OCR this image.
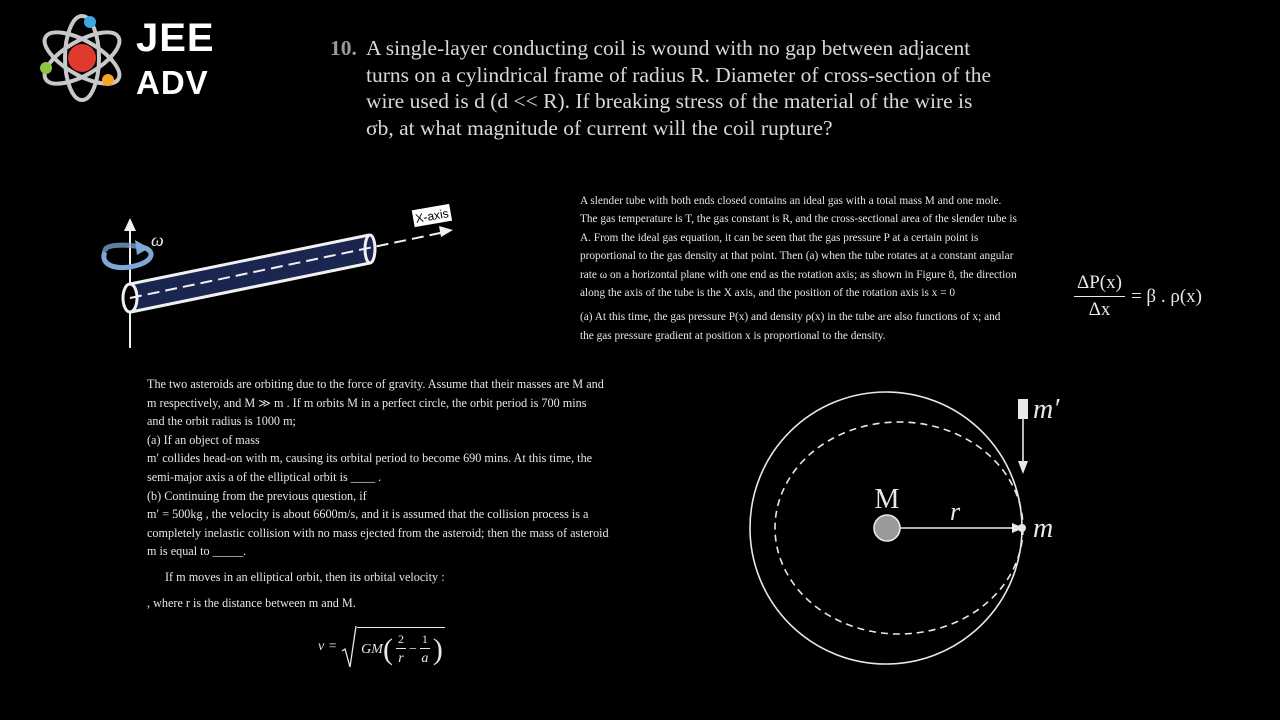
JEE
ADV
10. A single-layer conducting coil is wound with no gap between adjacent

turns on a cylindrical frame of radius R. Diameter of cross-section of the

wire used is d (d << R). If breaking stress of the material of the wire is

σb, at what magnitude of current will the coil rupture?

ω
X-axis

A slender tube with both ends closed contains an ideal gas with a total mass M and one mole.

The gas temperature is T, the gas constant is R, and the cross-sectional area of the slender tube is

A. From the ideal gas equation, it can be seen that the gas pressure P at a certain point is

proportional to the gas density at that point. Then (a) when the tube rotates at a constant angular

rate ω on a horizontal plane with one end as the rotation axis; as shown in Figure 8, the direction

along the axis of the tube is the X axis, and the position of the rotation axis is x = 0

(a) At this time, the gas pressure P(x) and density ρ(x) in the tube are also functions of x; and

the gas pressure gradient at position x is proportional to the density.

$\frac{\Delta P(x)}{\Delta x} = \beta$ . ρ(x)

The two asteroids are orbiting due to the force of gravity. Assume that their masses are M and

m respectively, and M ≫ m . If m orbits M in a perfect circle, the orbit period is 700 mins

and the orbit radius is 1000 m;

(a) If an object of mass

m′ collides head-on with m, causing its orbital period to become 690 mins. At this time, the

semi-major axis a of the elliptical orbit is ____ .

(b) Continuing from the previous question, if

m′ = 500kg , the velocity is about 6600m/s, and it is assumed that the collision process is a

completely inelastic collision with no mass ejected from the asteroid; then the mass of asteroid

m is equal to _____.

If m moves in an elliptical orbit, then its orbital velocity :

, where r is the distance between m and M.

v = GM ( $\frac{2}{r} - \frac{1}{a}$ )
M r
m
m′
